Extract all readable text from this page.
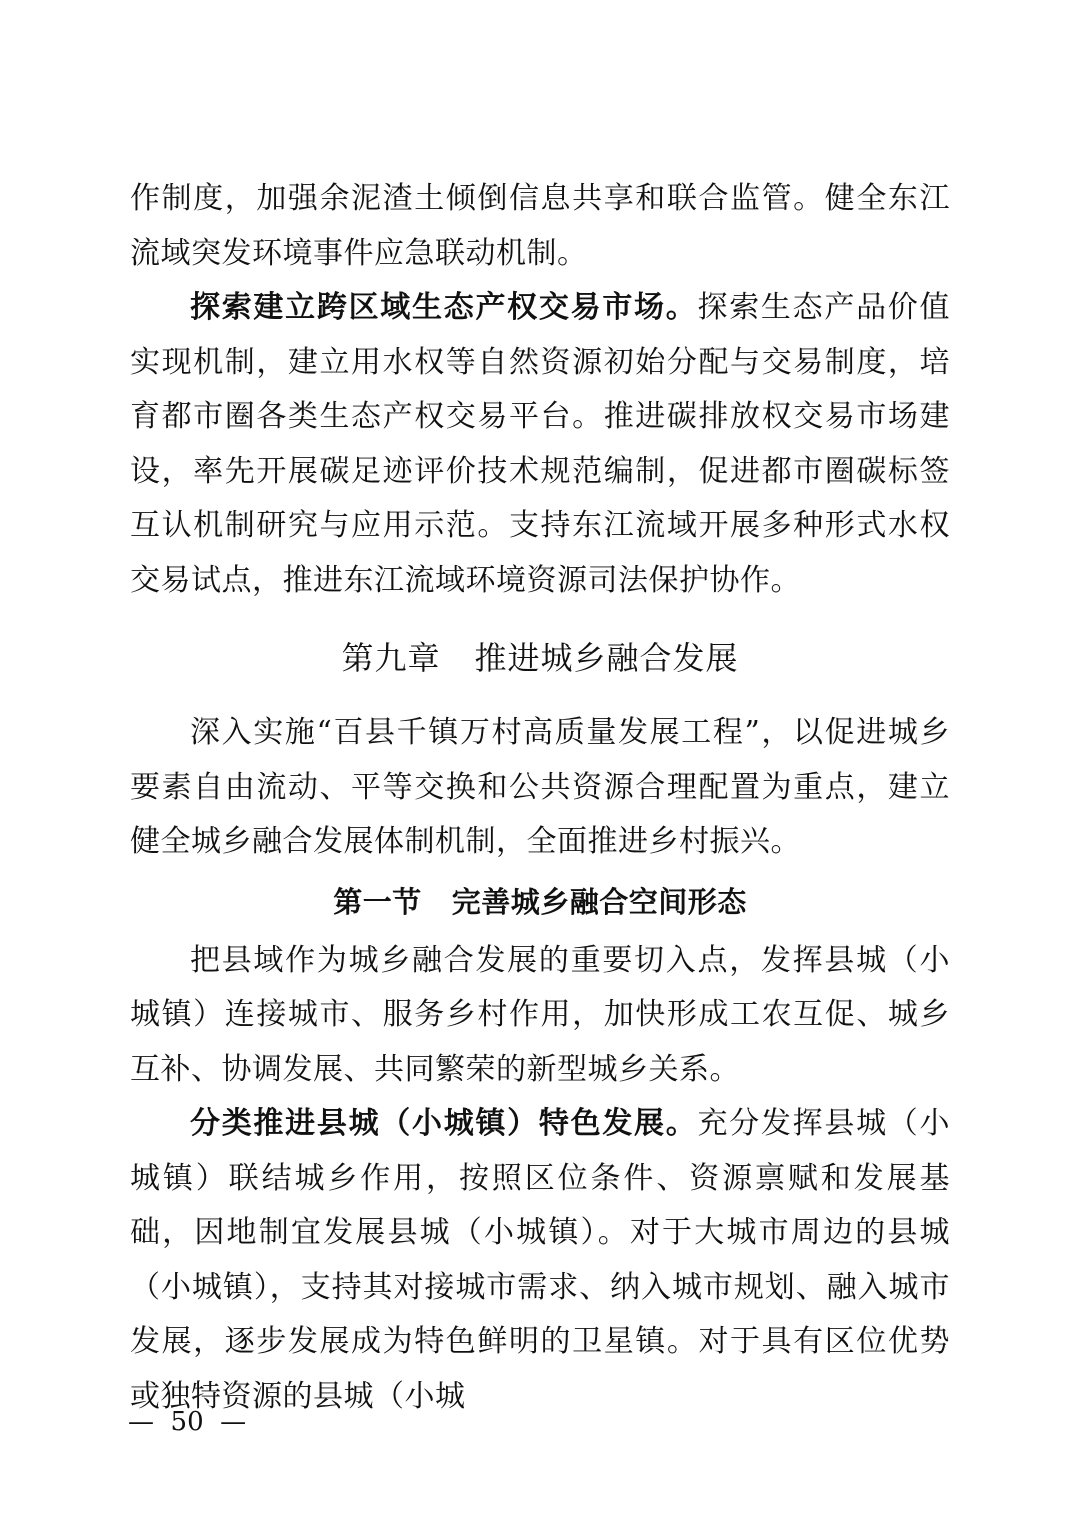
作制度，加强余泥渣土倾倒信息共享和联合监管。健全东江流域突发环境事件应急联动机制。

探索建立跨区域生态产权交易市场。探索生态产品价值实现机制，建立用水权等自然资源初始分配与交易制度，培育都市圈各类生态产权交易平台。推进碳排放权交易市场建设，率先开展碳足迹评价技术规范编制，促进都市圈碳标签互认机制研究与应用示范。支持东江流域开展多种形式水权交易试点，推进东江流域环境资源司法保护协作。

第九章 推进城乡融合发展

深入实施“百县千镇万村高质量发展工程”，以促进城乡要素自由流动、平等交换和公共资源合理配置为重点，建立健全城乡融合发展体制机制，全面推进乡村振兴。

第一节 完善城乡融合空间形态

把县域作为城乡融合发展的重要切入点，发挥县城（小城镇）连接城市、服务乡村作用，加快形成工农互促、城乡互补、协调发展、共同繁荣的新型城乡关系。

分类推进县城（小城镇）特色发展。充分发挥县城（小城镇）联结城乡作用，按照区位条件、资源禀赋和发展基础，因地制宜发展县城（小城镇）。对于大城市周边的县城（小城镇），支持其对接城市需求、纳入城市规划、融入城市发展，逐步发展成为特色鲜明的卫星镇。对于具有区位优势或独特资源的县城（小城

—  50  —
